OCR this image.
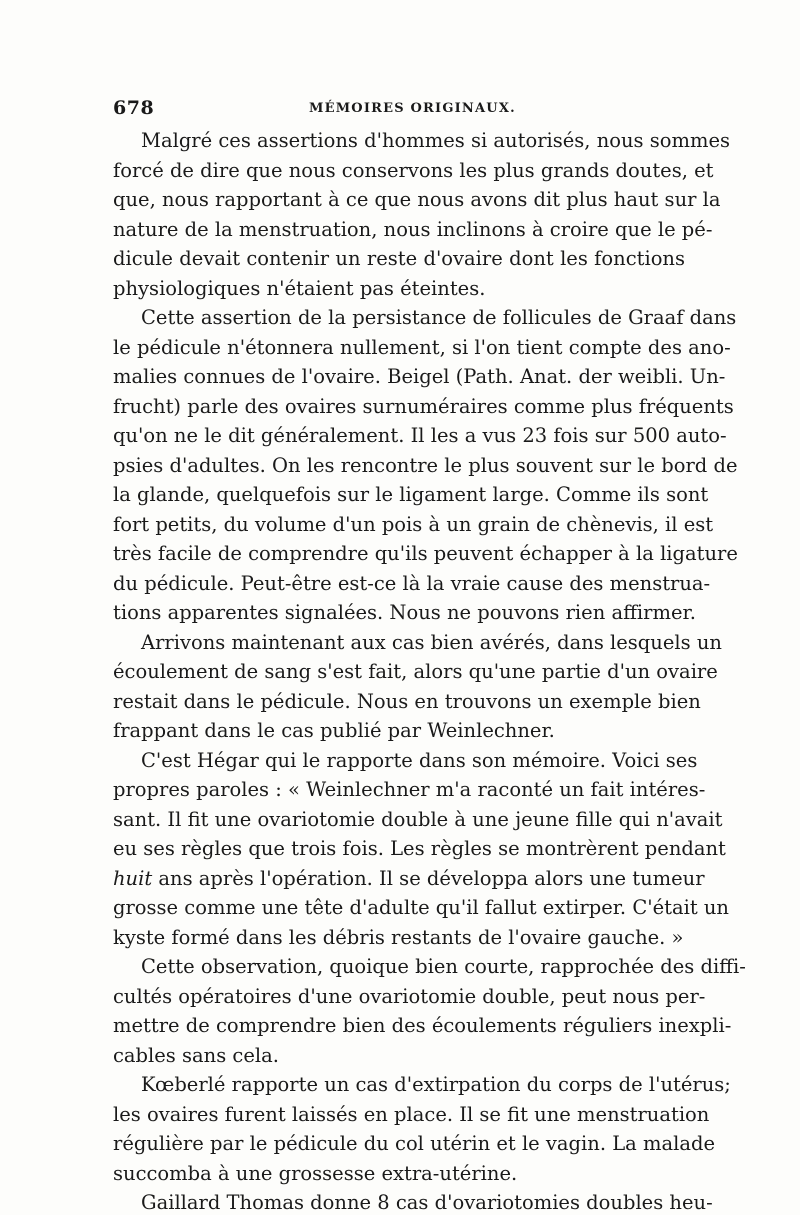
678	MÉMOIRES ORIGINAUX.
Malgré ces assertions d'hommes si autorisés, nous sommes
forcé de dire que nous conservons les plus grands doutes, et
que, nous rapportant à ce que nous avons dit plus haut sur la
nature de la menstruation, nous inclinons à croire que le pé-
dicule devait contenir un reste d'ovaire dont les fonctions
physiologiques n'étaient pas éteintes.
Cette assertion de la persistance de follicules de Graaf dans
le pédicule n'étonnera nullement, si l'on tient compte des ano-
malies connues de l'ovaire. Beigel (Path. Anat. der weibli. Un-
frucht) parle des ovaires surnuméraires comme plus fréquents
qu'on ne le dit généralement. Il les a vus 23 fois sur 500 auto-
psies d'adultes. On les rencontre le plus souvent sur le bord de
la glande, quelquefois sur le ligament large. Comme ils sont
fort petits, du volume d'un pois à un grain de chènevis, il est
très facile de comprendre qu'ils peuvent échapper à la ligature
du pédicule. Peut-être est-ce là la vraie cause des menstrua-
tions apparentes signalées. Nous ne pouvons rien affirmer.
Arrivons maintenant aux cas bien avérés, dans lesquels un
écoulement de sang s'est fait, alors qu'une partie d'un ovaire
restait dans le pédicule. Nous en trouvons un exemple bien
frappant dans le cas publié par Weinlechner.
C'est Hégar qui le rapporte dans son mémoire. Voici ses
propres paroles : « Weinlechner m'a raconté un fait intéres-
sant. Il fit une ovariotomie double à une jeune fille qui n'avait
eu ses règles que trois fois. Les règles se montrèrent pendant
huit ans après l'opération. Il se développa alors une tumeur
grosse comme une tête d'adulte qu'il fallut extirper. C'était un
kyste formé dans les débris restants de l'ovaire gauche. »
Cette observation, quoique bien courte, rapprochée des diffi-
cultés opératoires d'une ovariotomie double, peut nous per-
mettre de comprendre bien des écoulements réguliers inexpli-
cables sans cela.
Kœberlé rapporte un cas d'extirpation du corps de l'utérus;
les ovaires furent laissés en place. Il se fit une menstruation
régulière par le pédicule du col utérin et le vagin. La malade
succomba à une grossesse extra-utérine.
Gaillard Thomas donne 8 cas d'ovariotomies doubles heu-
